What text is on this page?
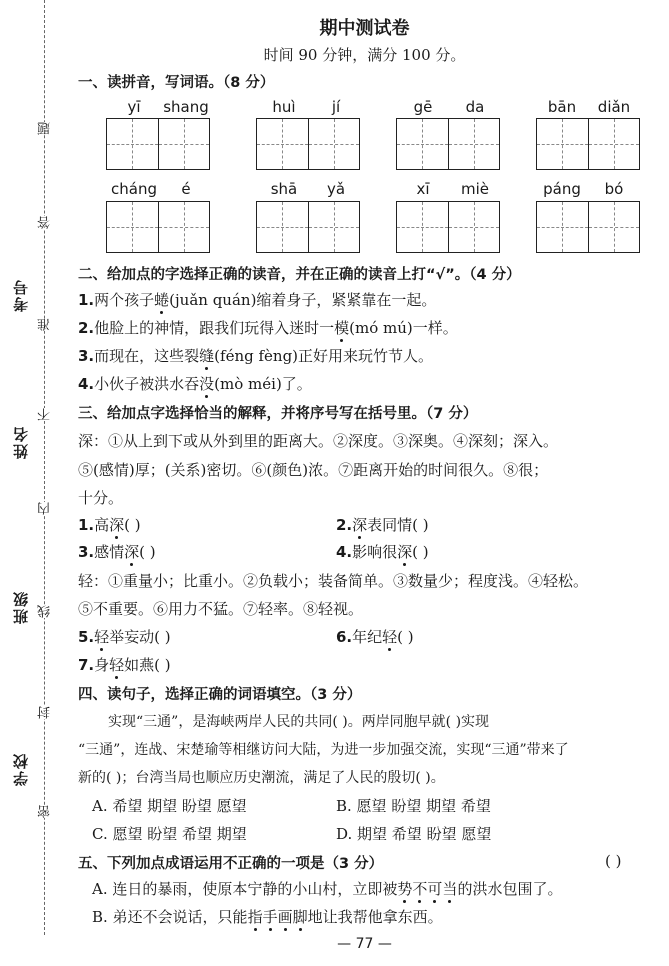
考号
姓名
班级
学校
题
答
准
不
内
线
封
密
期中测试卷
时间 90 分钟，满分 100 分。
一、读拼音，写词语。（8 分）
yī	shang	huì	jí	gē	da	bān	diǎn
cháng	é	shā	yǎ	xī	miè	páng	bó
二、给加点的字选择正确的读音，并在正确的读音上打“√”。（4 分）
1.两个孩子蜷(juǎn quán)缩着身子，紧紧靠在一起。
2.他脸上的神情，跟我们玩得入迷时一模(mó mú)一样。
3.而现在，这些裂缝(féng fèng)正好用来玩竹节人。
4.小伙子被洪水吞没(mò méi)了。
三、给加点字选择恰当的解释，并将序号写在括号里。（7 分）
深：①从上到下或从外到里的距离大。②深度。③深奥。④深刻；深入。
⑤(感情)厚；(关系)密切。⑥(颜色)浓。⑦距离开始的时间很久。⑧很；
十分。
1.高深( )	2.深表同情( )
3.感情深( )	4.影响很深( )
轻：①重量小；比重小。②负载小；装备简单。③数量少；程度浅。④轻松。
⑤不重要。⑥用力不猛。⑦轻率。⑧轻视。
5.轻举妄动( )	6.年纪轻( )
7.身轻如燕( )
四、读句子，选择正确的词语填空。（3 分）
实现“三通”，是海峡两岸人民的共同( )。两岸同胞早就( )实现
“三通”，连战、宋楚瑜等相继访问大陆，为进一步加强交流，实现“三通”带来了
新的( )；台湾当局也顺应历史潮流，满足了人民的殷切( )。
A. 希望 期望 盼望 愿望	B. 愿望 盼望 期望 希望
C. 愿望 盼望 希望 期望	D. 期望 希望 盼望 愿望
五、下列加点成语运用不正确的一项是（3 分）	( )
A. 连日的暴雨，使原本宁静的小山村，立即被势不可当的洪水包围了。
B. 弟还不会说话，只能指手画脚地让我帮他拿东西。
— 77 —
